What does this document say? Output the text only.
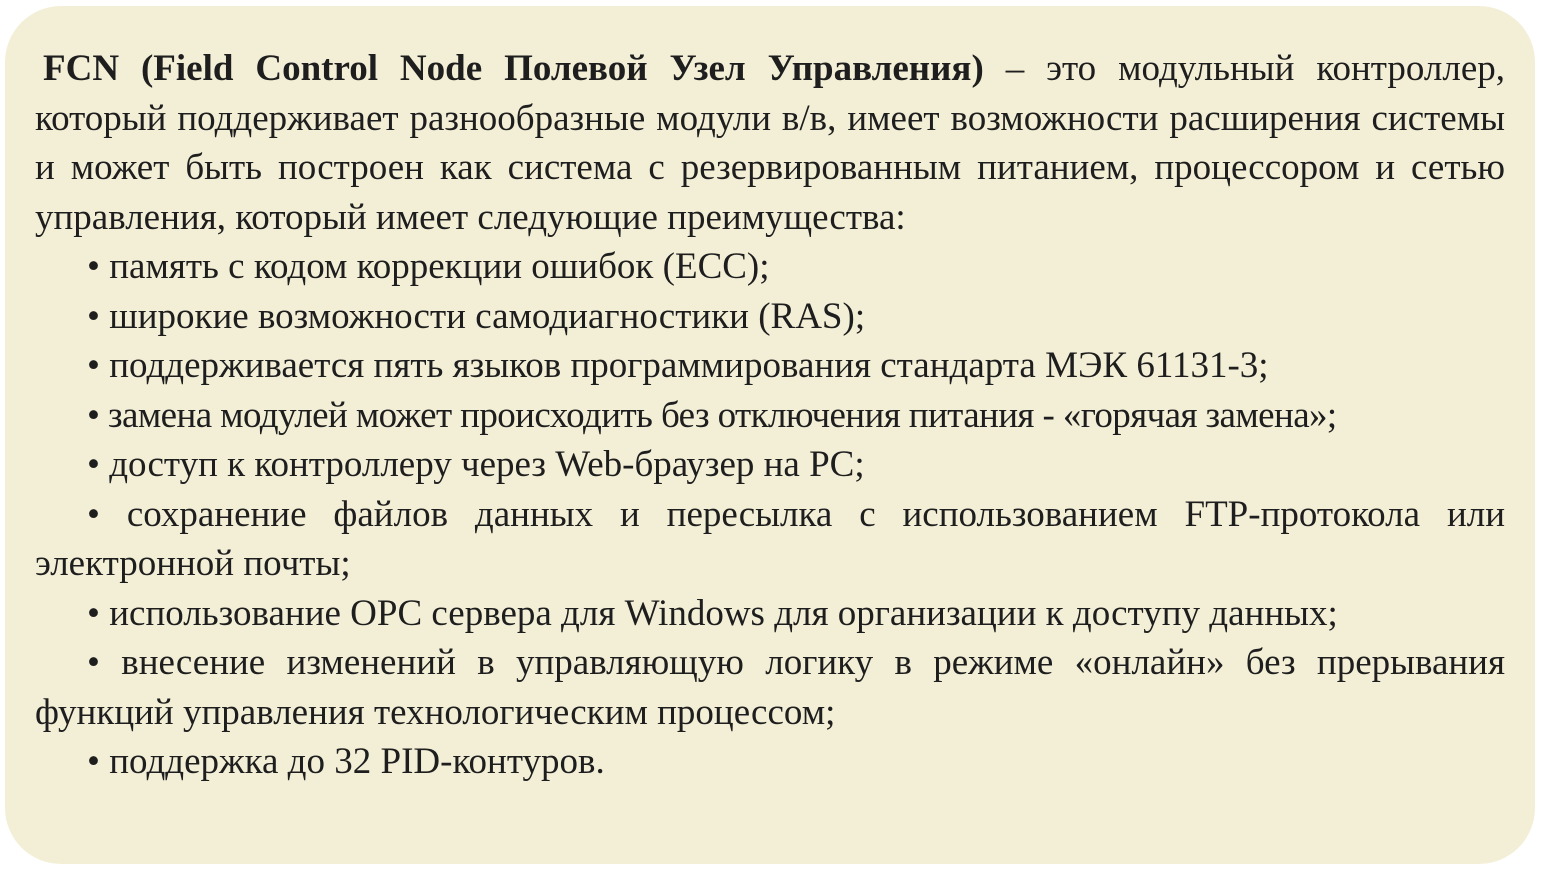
FCN (Field Control Node Полевой Узел Управления) – это модульный контроллер, который поддерживает разнообразные модули в/в, имеет возможности расширения системы и может быть построен как система с резервированным питанием, процессором и сетью управления, который имеет следующие преимущества:

• память с кодом коррекции ошибок (ECC);
• широкие возможности самодиагностики (RAS);
• поддерживается пять языков программирования стандарта МЭК 61131-3;
• замена модулей может происходить без отключения питания - «горячая замена»;
• доступ к контроллеру через Web-браузер на PC;
• сохранение файлов данных и пересылка с использованием FTP-протокола или электронной почты;
• использование OPC сервера для Windows для организации к доступу данных;
• внесение изменений в управляющую логику в режиме «онлайн» без прерывания функций управления технологическим процессом;
• поддержка до 32 PID-контуров.
